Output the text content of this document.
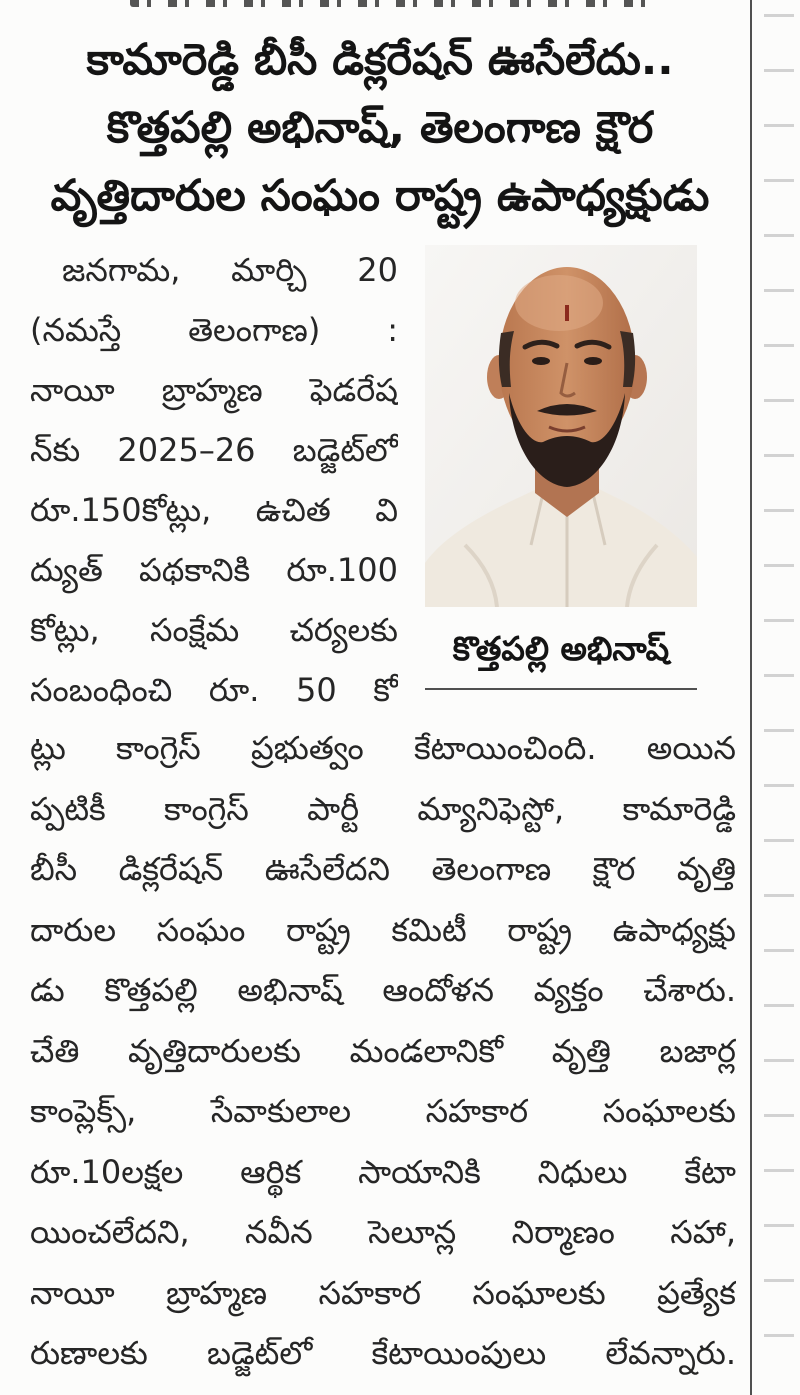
కామారెడ్డి బీసీ డిక్లరేషన్ ఊసేలేదు..
కొత్తపల్లి అభినాష్, తెలంగాణ క్షౌర
వృత్తిదారుల సంఘం రాష్ట్ర ఉపాధ్యక్షుడు
జనగామ, మార్చి 20
(నమస్తే తెలంగాణ) :
నాయీ బ్రాహ్మణ ఫెడరేష
న్‌కు 2025–26 బడ్జెట్‌లో
రూ.150కోట్లు, ఉచిత వి
ద్యుత్ పథకానికి రూ.100
కోట్లు, సంక్షేమ చర్యలకు
సంబంధించి రూ. 50 కో
కొత్తపల్లి అభినాష్
ట్లు కాంగ్రెస్ ప్రభుత్వం కేటాయించింది. అయిన
ప్పటికీ కాంగ్రెస్ పార్టీ మ్యానిఫెస్టో, కామారెడ్డి
బీసీ డిక్లరేషన్ ఊసేలేదని తెలంగాణ క్షౌర వృత్తి
దారుల సంఘం రాష్ట్ర కమిటీ రాష్ట్ర ఉపాధ్యక్షు
డు కొత్తపల్లి అభినాష్ ఆందోళన వ్యక్తం చేశారు.
చేతి వృత్తిదారులకు మండలానికో వృత్తి బజార్ల
కాంప్లెక్స్, సేవాకులాల సహకార సంఘాలకు
రూ.10లక్షల ఆర్థిక సాయానికి నిధులు కేటా
యించలేదని, నవీన సెలూన్ల నిర్మాణం సహా,
నాయీ బ్రాహ్మణ సహకార సంఘాలకు ప్రత్యేక
రుణాలకు బడ్జెట్‌లో కేటాయింపులు లేవన్నారు.
